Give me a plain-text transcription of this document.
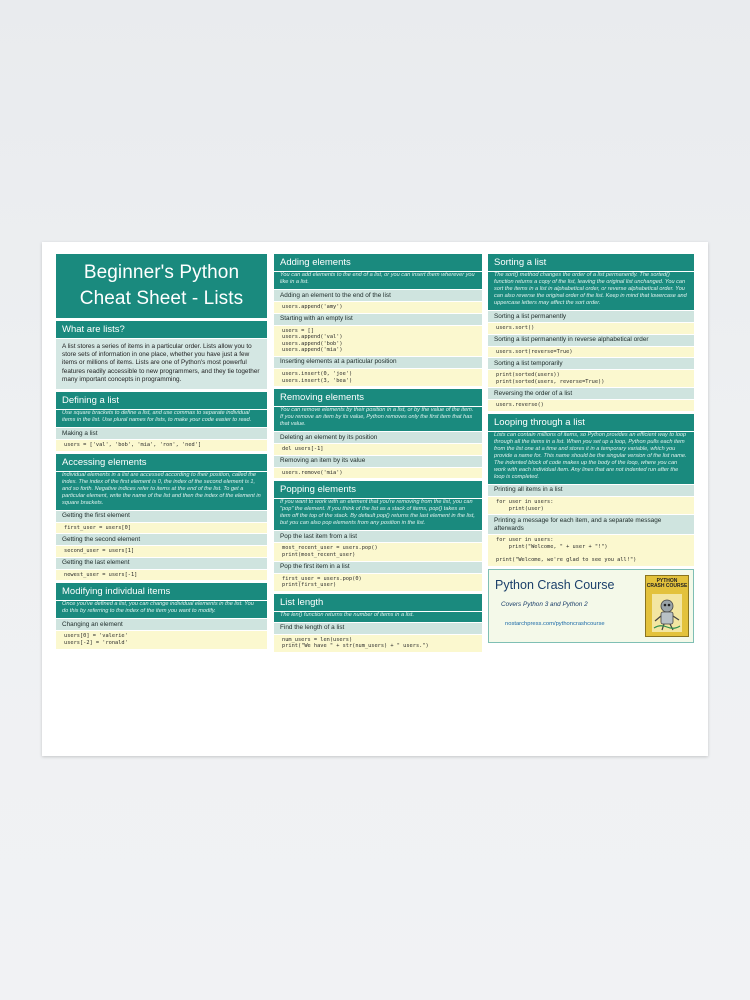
Beginner's Python
Cheat Sheet - Lists
What are lists?
A list stores a series of items in a particular order. Lists allow you to store sets of information in one place, whether you have just a few items or millions of items. Lists are one of Python's most powerful features readily accessible to new programmers, and they tie together many important concepts in programming.
Defining a list
Use square brackets to define a list, and use commas to separate individual items in the list. Use plural names for lists, to make your code easier to read.
Making a list
users = ['val', 'bob', 'mia', 'ron', 'ned']
Accessing elements
Individual elements in a list are accessed according to their position, called the index. The index of the first element is 0, the index of the second element is 1, and so forth. Negative indices refer to items at the end of the list. To get a particular element, write the name of the list and then the index of the element in square brackets.
Getting the first element
first_user = users[0]
Getting the second element
second_user = users[1]
Getting the last element
newest_user = users[-1]
Modifying individual items
Once you've defined a list, you can change individual elements in the list. You do this by referring to the index of the item you want to modify.
Changing an element
users[0] = 'valerie'
users[-2] = 'ronald'
Adding elements
You can add elements to the end of a list, or you can insert them wherever you like in a list.
Adding an element to the end of the list
users.append('amy')
Starting with an empty list
users = []
users.append('val')
users.append('bob')
users.append('mia')
Inserting elements at a particular position
users.insert(0, 'joe')
users.insert(3, 'bea')
Removing elements
You can remove elements by their position in a list, or by the value of the item. If you remove an item by its value, Python removes only the first item that has that value.
Deleting an element by its position
del users[-1]
Removing an item by its value
users.remove('mia')
Popping elements
If you want to work with an element that you're removing from the list, you can "pop" the element. If you think of the list as a stack of items, pop() takes an item off the top of the stack. By default pop() returns the last element in the list, but you can also pop elements from any position in the list.
Pop the last item from a list
most_recent_user = users.pop()
print(most_recent_user)
Pop the first item in a list
first_user = users.pop(0)
print(first_user)
List length
The len() function returns the number of items in a list.
Find the length of a list
num_users = len(users)
print("We have " + str(num_users) + " users.")
Sorting a list
The sort() method changes the order of a list permanently. The sorted() function returns a copy of the list, leaving the original list unchanged. You can sort the items in a list in alphabetical order, or reverse alphabetical order. You can also reverse the original order of the list. Keep in mind that lowercase and uppercase letters may affect the sort order.
Sorting a list permanently
users.sort()
Sorting a list permanently in reverse alphabetical order
users.sort(reverse=True)
Sorting a list temporarily
print(sorted(users))
print(sorted(users, reverse=True))
Reversing the order of a list
users.reverse()
Looping through a list
Lists can contain millions of items, so Python provides an efficient way to loop through all the items in a list. When you set up a loop, Python pulls each item from the list one at a time and stores it in a temporary variable, which you provide a name for. This name should be the singular version of the list name.
The indented block of code makes up the body of the loop, where you can work with each individual item. Any lines that are not indented run after the loop is completed.
Printing all items in a list
for user in users:
print(user)
Printing a message for each item, and a separate message afterwards
for user in users:
print("Welcome, " + user + "!")

print("Welcome, we're glad to see you all!")
Python Crash Course
Covers Python 3 and Python 2
nostarchpress.com/pythoncrashcourse
PYTHON
CRASH COURSE
